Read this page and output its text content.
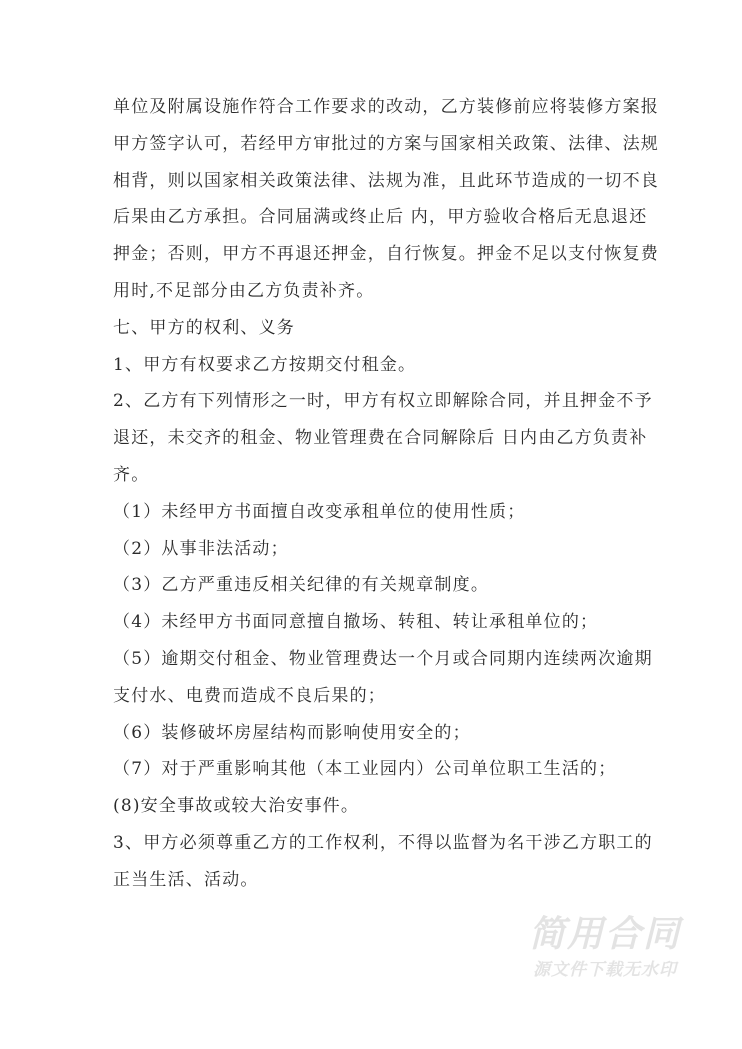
单位及附属设施作符合工作要求的改动，乙方装修前应将装修方案报
甲方签字认可，若经甲方审批过的方案与国家相关政策、法律、法规
相背，则以国家相关政策法律、法规为准，且此环节造成的一切不良
后果由乙方承担。合同届满或终止后 内，甲方验收合格后无息退还
押金；否则，甲方不再退还押金，自行恢复。押金不足以支付恢复费
用时,不足部分由乙方负责补齐。
七、甲方的权利、义务
1、甲方有权要求乙方按期交付租金。
2、乙方有下列情形之一时，甲方有权立即解除合同，并且押金不予
退还，未交齐的租金、物业管理费在合同解除后 日内由乙方负责补
齐。
（1）未经甲方书面擅自改变承租单位的使用性质；
（2）从事非法活动；
（3）乙方严重违反相关纪律的有关规章制度。
（4）未经甲方书面同意擅自撤场、转租、转让承租单位的；
（5）逾期交付租金、物业管理费达一个月或合同期内连续两次逾期
支付水、电费而造成不良后果的；
（6）装修破坏房屋结构而影响使用安全的；
（7）对于严重影响其他（本工业园内）公司单位职工生活的；
(8)安全事故或较大治安事件。
3、甲方必须尊重乙方的工作权利，不得以监督为名干涉乙方职工的
正当生活、活动。
简用合同
源文件下载无水印
